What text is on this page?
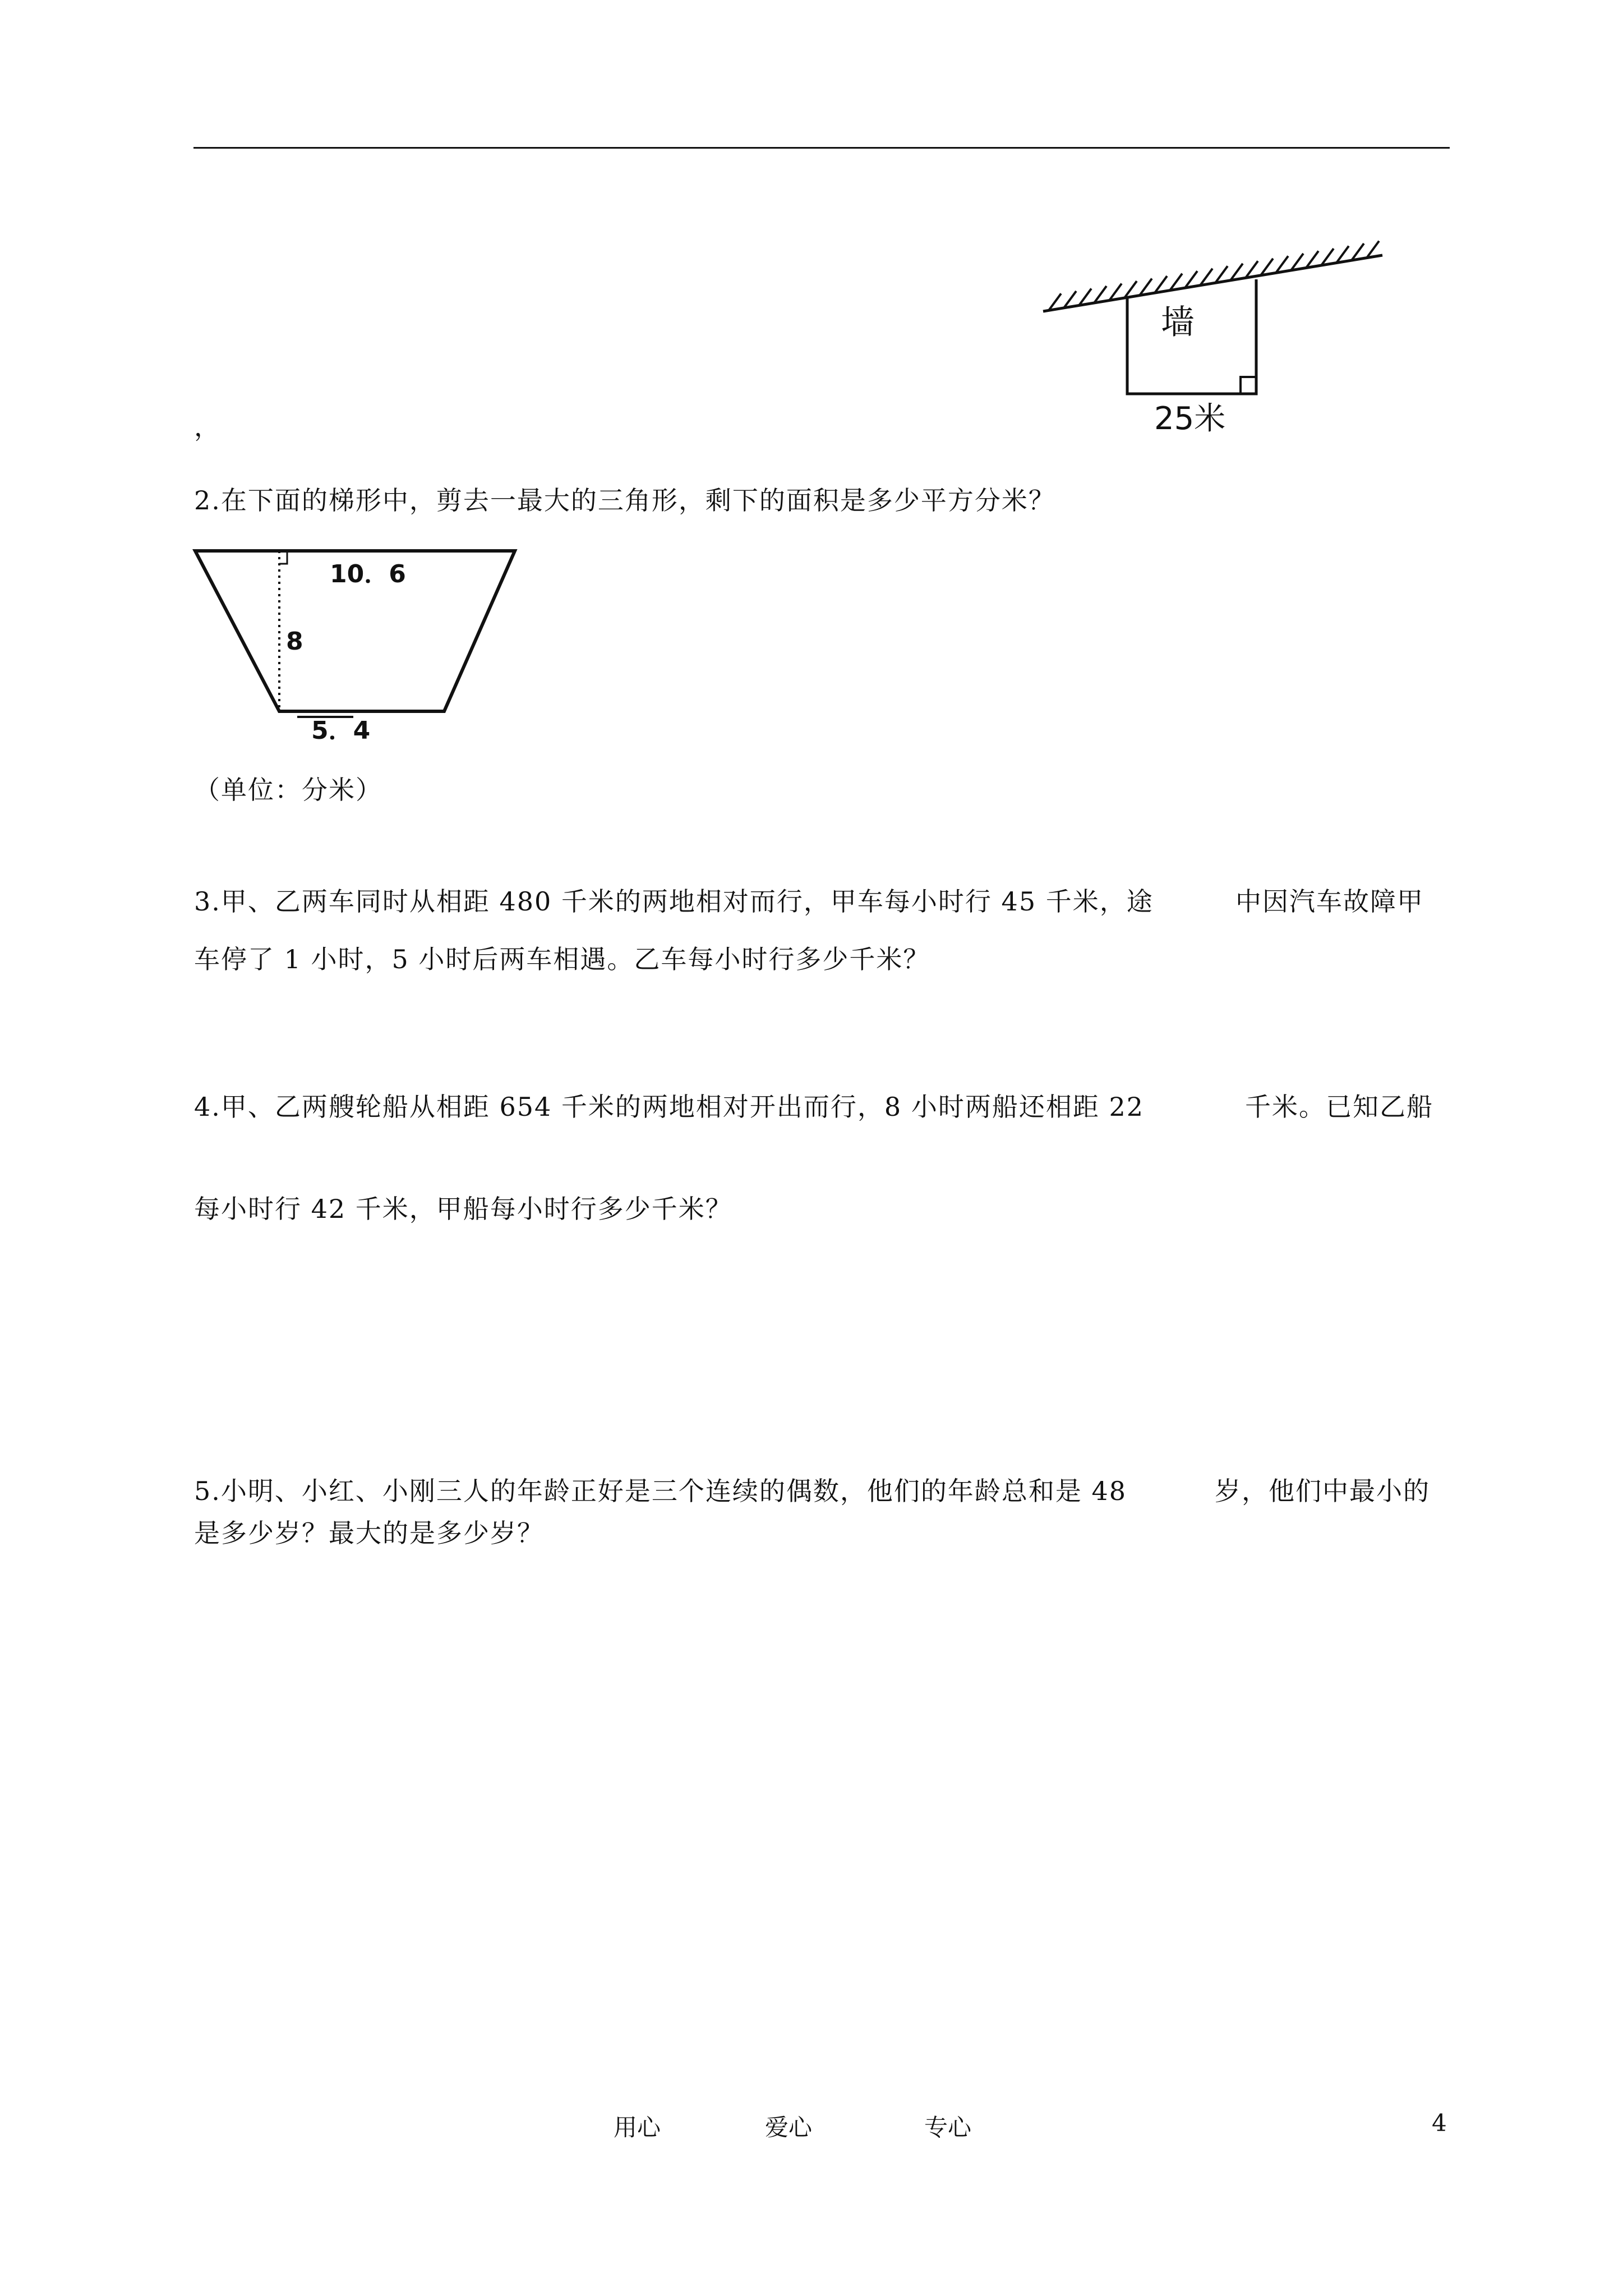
墙
25米
，
2.在下面的梯形中，剪去一最大的三角形，剩下的面积是多少平方分米？
10．6
8
5．4
（单位：分米）
3.甲、乙两车同时从相距 480 千米的两地相对而行，甲车每小时行 45 千米，途	中因汽车故障甲
车停了 1 小时，5 小时后两车相遇。乙车每小时行多少千米？
4.甲、乙两艘轮船从相距 654 千米的两地相对开出而行，8 小时两船还相距 22	千米。已知乙船
每小时行 42 千米，甲船每小时行多少千米？
5.小明、小红、小刚三人的年龄正好是三个连续的偶数，他们的年龄总和是 48	岁，他们中最小的
是多少岁？最大的是多少岁？
用心	爱心	专心	4
